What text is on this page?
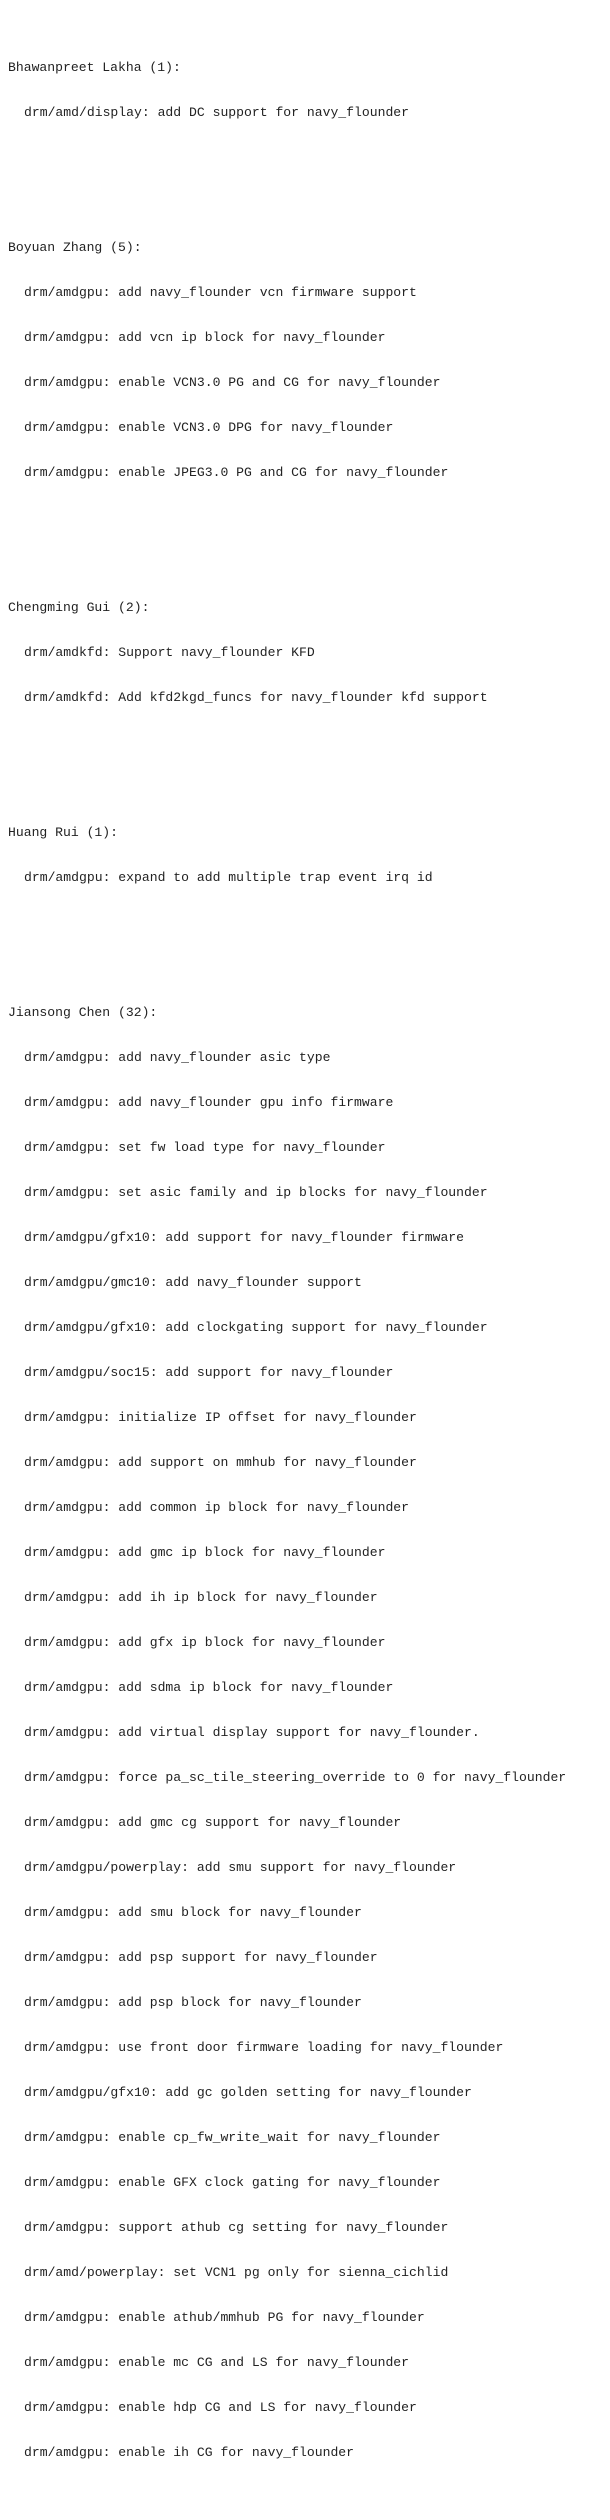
Bhawanpreet Lakha (1):

drm/amd/display: add DC support for navy_flounder

Boyuan Zhang (5):

drm/amdgpu: add navy_flounder vcn firmware support

drm/amdgpu: add vcn ip block for navy_flounder

drm/amdgpu: enable VCN3.0 PG and CG for navy_flounder

drm/amdgpu: enable VCN3.0 DPG for navy_flounder

drm/amdgpu: enable JPEG3.0 PG and CG for navy_flounder

Chengming Gui (2):

drm/amdkfd: Support navy_flounder KFD

drm/amdkfd: Add kfd2kgd_funcs for navy_flounder kfd support

Huang Rui (1):

drm/amdgpu: expand to add multiple trap event irq id

Jiansong Chen (32):

drm/amdgpu: add navy_flounder asic type

drm/amdgpu: add navy_flounder gpu info firmware

drm/amdgpu: set fw load type for navy_flounder

drm/amdgpu: set asic family and ip blocks for navy_flounder

drm/amdgpu/gfx10: add support for navy_flounder firmware

drm/amdgpu/gmc10: add navy_flounder support

drm/amdgpu/gfx10: add clockgating support for navy_flounder

drm/amdgpu/soc15: add support for navy_flounder

drm/amdgpu: initialize IP offset for navy_flounder

drm/amdgpu: add support on mmhub for navy_flounder

drm/amdgpu: add common ip block for navy_flounder

drm/amdgpu: add gmc ip block for navy_flounder

drm/amdgpu: add ih ip block for navy_flounder

drm/amdgpu: add gfx ip block for navy_flounder

drm/amdgpu: add sdma ip block for navy_flounder

drm/amdgpu: add virtual display support for navy_flounder.

drm/amdgpu: force pa_sc_tile_steering_override to 0 for navy_flounder

drm/amdgpu: add gmc cg support for navy_flounder

drm/amdgpu/powerplay: add smu support for navy_flounder

drm/amdgpu: add smu block for navy_flounder

drm/amdgpu: add psp support for navy_flounder

drm/amdgpu: add psp block for navy_flounder

drm/amdgpu: use front door firmware loading for navy_flounder

drm/amdgpu/gfx10: add gc golden setting for navy_flounder

drm/amdgpu: enable cp_fw_write_wait for navy_flounder

drm/amdgpu: enable GFX clock gating for navy_flounder

drm/amdgpu: support athub cg setting for navy_flounder

drm/amd/powerplay: set VCN1 pg only for sienna_cichlid

drm/amdgpu: enable athub/mmhub PG for navy_flounder

drm/amdgpu: enable mc CG and LS for navy_flounder

drm/amdgpu: enable hdp CG and LS for navy_flounder

drm/amdgpu: enable ih CG for navy_flounder
